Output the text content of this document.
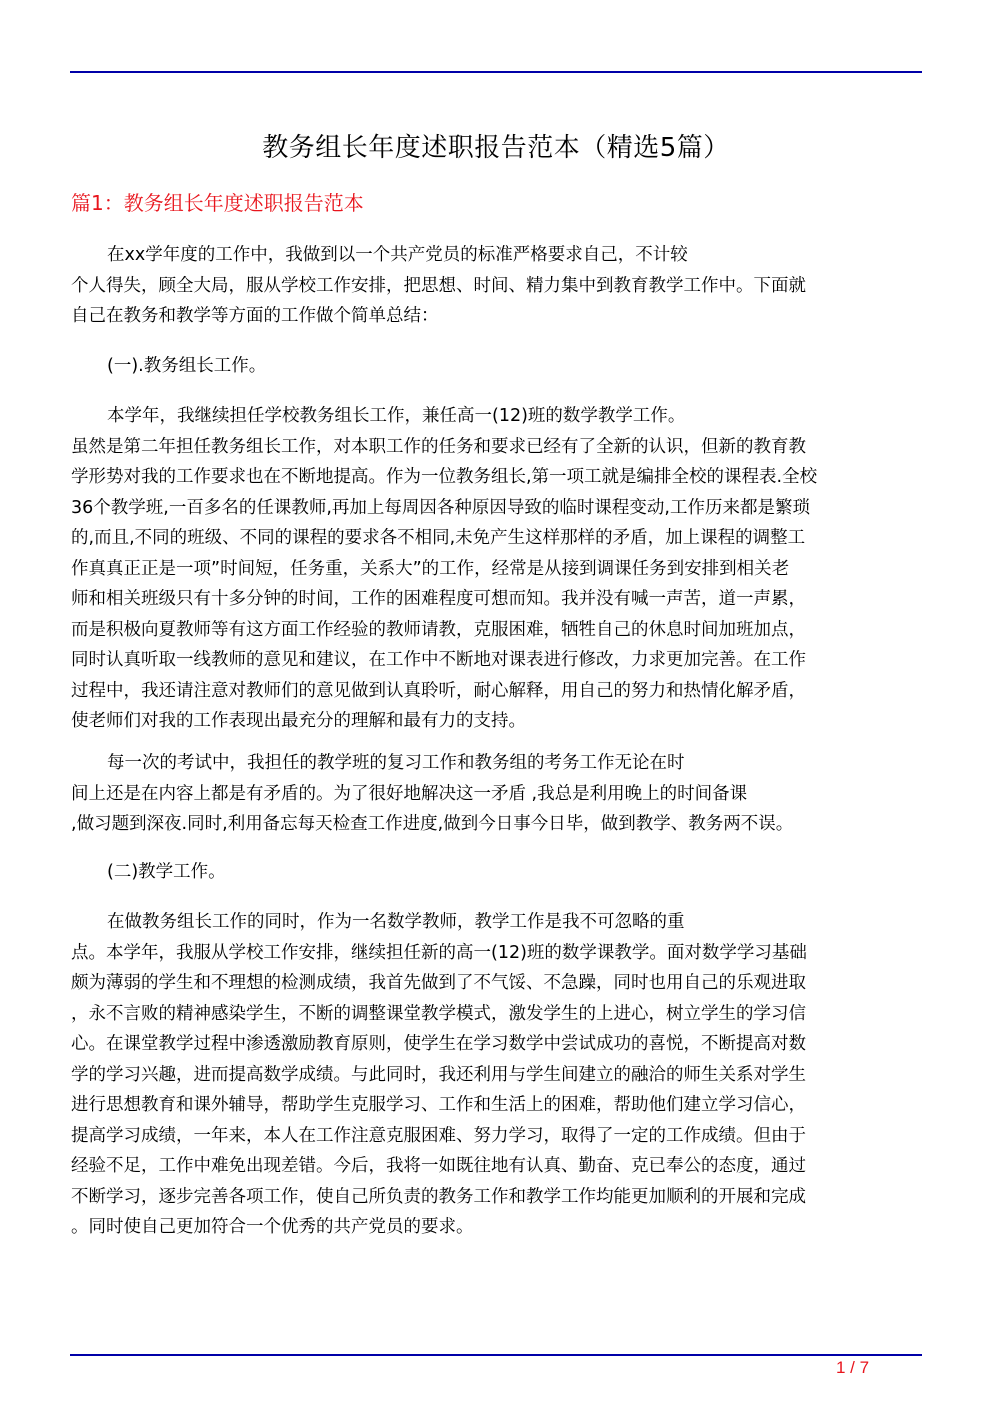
教务组长年度述职报告范本（精选5篇）
篇1：教务组长年度述职报告范本
在xx学年度的工作中，我做到以一个共产党员的标准严格要求自己，不计较
个人得失，顾全大局，服从学校工作安排，把思想、时间、精力集中到教育教学工作中。下面就
自己在教务和教学等方面的工作做个简单总结：
(一).教务组长工作。
本学年，我继续担任学校教务组长工作，兼任高一(12)班的数学教学工作。
虽然是第二年担任教务组长工作，对本职工作的任务和要求已经有了全新的认识，但新的教育教
学形势对我的工作要求也在不断地提高。作为一位教务组长,第一项工就是编排全校的课程表.全校
36个教学班,一百多名的任课教师,再加上每周因各种原因导致的临时课程变动,工作历来都是繁琐
的,而且,不同的班级、不同的课程的要求各不相同,未免产生这样那样的矛盾，加上课程的调整工
作真真正正是一项”时间短，任务重，关系大”的工作，经常是从接到调课任务到安排到相关老
师和相关班级只有十多分钟的时间，工作的困难程度可想而知。我并没有喊一声苦，道一声累，
而是积极向夏教师等有这方面工作经验的教师请教，克服困难，牺牲自己的休息时间加班加点，
同时认真听取一线教师的意见和建议，在工作中不断地对课表进行修改，力求更加完善。在工作
过程中，我还请注意对教师们的意见做到认真聆听，耐心解释，用自己的努力和热情化解矛盾，
使老师们对我的工作表现出最充分的理解和最有力的支持。
每一次的考试中，我担任的教学班的复习工作和教务组的考务工作无论在时
间上还是在内容上都是有矛盾的。为了很好地解决这一矛盾 ,我总是利用晚上的时间备课
,做习题到深夜.同时,利用备忘每天检查工作进度,做到今日事今日毕，做到教学、教务两不误。
(二)教学工作。
在做教务组长工作的同时，作为一名数学教师，教学工作是我不可忽略的重
点。本学年，我服从学校工作安排，继续担任新的高一(12)班的数学课教学。面对数学学习基础
颇为薄弱的学生和不理想的检测成绩，我首先做到了不气馁、不急躁，同时也用自己的乐观进取
，永不言败的精神感染学生，不断的调整课堂教学模式，激发学生的上进心，树立学生的学习信
心。在课堂教学过程中渗透激励教育原则，使学生在学习数学中尝试成功的喜悦，不断提高对数
学的学习兴趣，进而提高数学成绩。与此同时，我还利用与学生间建立的融洽的师生关系对学生
进行思想教育和课外辅导，帮助学生克服学习、工作和生活上的困难，帮助他们建立学习信心，
提高学习成绩，一年来，本人在工作注意克服困难、努力学习，取得了一定的工作成绩。但由于
经验不足，工作中难免出现差错。今后，我将一如既往地有认真、勤奋、克已奉公的态度，通过
不断学习，逐步完善各项工作，使自己所负责的教务工作和教学工作均能更加顺利的开展和完成
。同时使自己更加符合一个优秀的共产党员的要求。
1 / 7
